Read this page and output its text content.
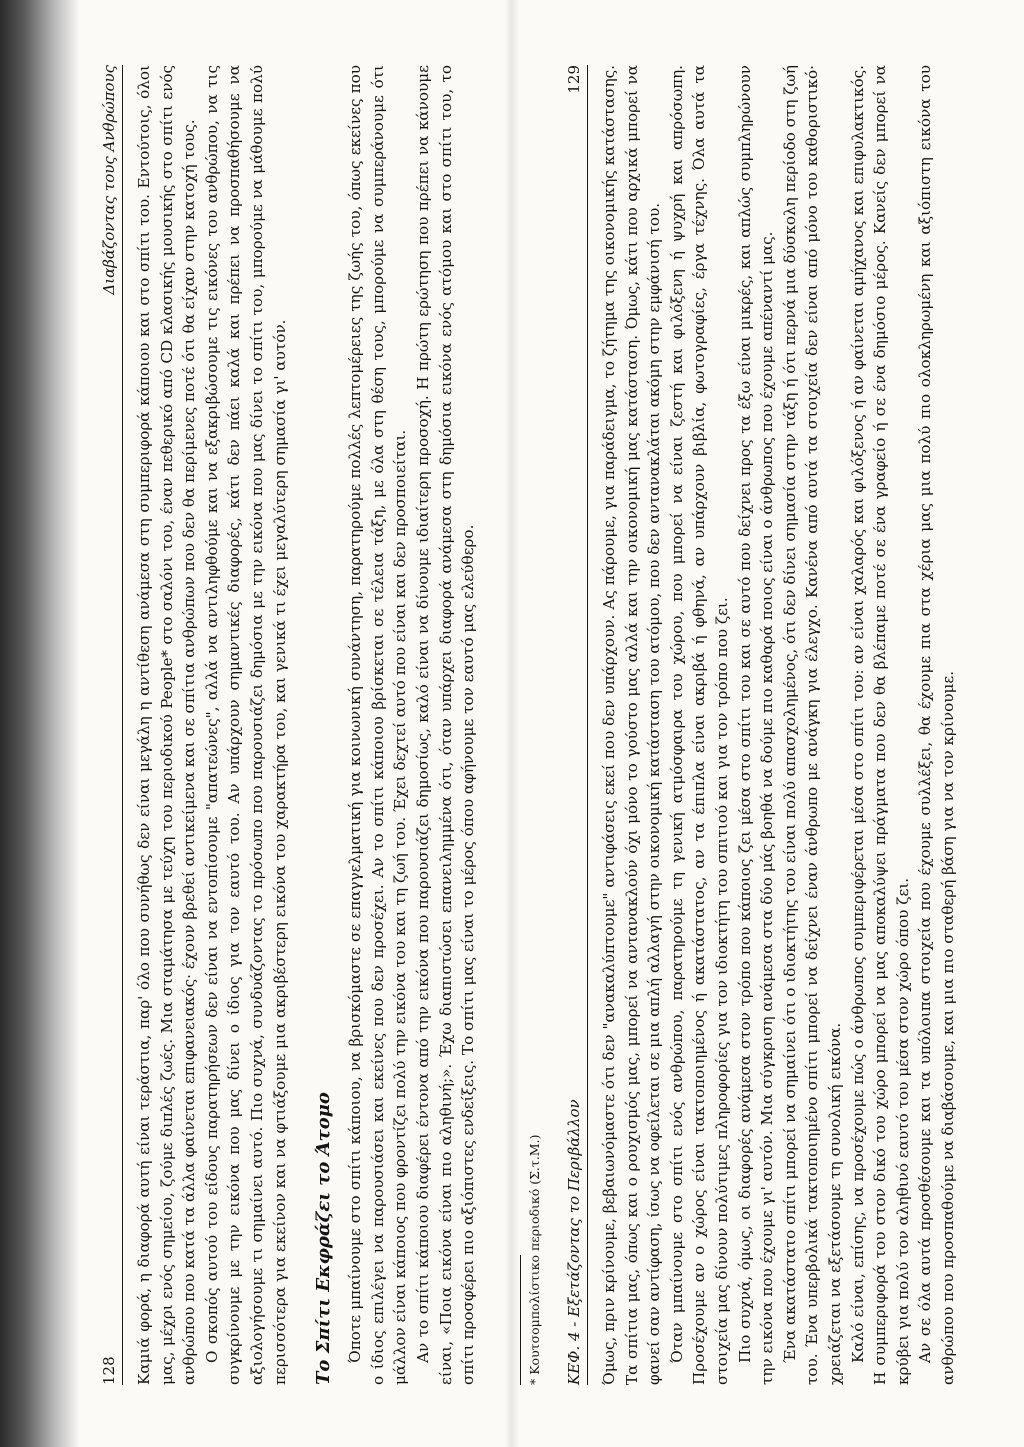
128
Διαβάζοντας τους Ανθρώπους Καμιά φορά, η διαφορά αυτή είναι τεράστια, παρ' όλο που συνήθως δεν είναι μεγάλη η αντίθεση ανάμεσα στη συμπεριφορά κάποιου και στο σπίτι του. Εντούτοις, όλοι μας, μέχρι ενός σημείου, ζούμε διπλές ζωές. Μια σταμάτησα με τεύχη του περιοδικού People* στο σαλόνι του, έναν πεθερικό από CD κλασικής μουσικής στο σπίτι ενός ανθρώπου που κατά τα άλλα φαίνεται επιφανειακός· έχουν βρεθεί αντικείμενα και σε σπίτια ανθρώπων που δεν θα περίμενες ποτέ ότι θα είχαν στην κατοχή τους. Ο σκοπός αυτού του είδους παρατηρήσεων δεν είναι να εντοπίσουμε "απατεώνες", αλλά να αντιληφθούμε και να εξακριβώσουμε τις εικόνες του ανθρώπου, να τις συγκρίνουμε με την εικόνα που μας δίνει ο ίδιος για τον εαυτό του. Αν υπάρχουν σημαντικές διαφορές, κάτι δεν πάει καλά και πρέπει να προσπαθήσουμε να αξιολογήσουμε τι σημαίνει αυτό. Πιο συχνά, συνδυάζοντας το πρόσωπο που παρουσιάζει δημόσια με την εικόνα που μας δίνει το σπίτι του, μπορούμε να μάθουμε πολύ περισσότερα για εκείνον και να φτιάξουμε μια ακριβέστερη εικόνα του χαρακτήρα του, και γενικά τι έχει μεγαλύτερη σημασία γι' αυτόν. Το Σπίτι Εκφράζει το Άτομο Όποτε μπαίνουμε στο σπίτι κάποιου, να βρισκόμαστε σε επαγγελματική για κοινωνική συνάντηση, παρατηρούμε πολλές λεπτομέρειες της ζωής του, όπως εκείνες που ο ίδιος επιλέγει να παρουσιάσει και εκείνες που δεν προσέχει. Αν το σπίτι κάποιου βρίσκεται σε τέλεια τάξη, με όλα στη θέση τους, μπορούμε να συμπεράνουμε ότι μάλλον είναι κάποιος που φροντίζει πολύ την εικόνα του και τη ζωή του. Έχει δεχτεί αυτό που είναι και δεν προσποιείται. Αν το σπίτι κάποιου διαφέρει έντονα από την εικόνα που παρουσιάζει δημοσίως, καλό είναι να δίνουμε ιδιαίτερη προσοχή. Η πρώτη ερώτηση που πρέπει να κάνουμε είναι, «Ποια εικόνα είναι πιο αληθινή;». Έχω διαπιστώσει επανειλημμένα ότι, όταν υπάρχει διαφορά ανάμεσα στη δημόσια εικόνα ενός ατόμου και στο σπίτι του, το σπίτι προσφέρει πιο αξιόπιστες ενδείξεις. Το σπίτι μας είναι το μέρος όπου αφήνουμε τον εαυτό μας ελεύθερο.	* Κουτσομπολίστικο περιοδικό (Σ.τ.Μ.) ΚΕΦ. 4 - Εξετάζοντας το Περιβάλλον
129 Όμως, πριν κρίνουμε, βεβαιωνόμαστε ότι δεν "ανακαλύπτουμε" αντιφάσεις εκεί που δεν υπάρχουν. Ας πάρουμε, για παράδειγμα, το ζήτημα της οικονομικής κατάστασης. Τα σπίτια μας, όπως και ο ρουχισμός μας, μπορεί να αντανακλούν όχι μόνο το γούστο μας αλλά και την οικονομική μας κατάσταση. Όμως, κάτι που αρχικά μπορεί να φανεί σαν αντίφαση, ίσως να οφείλεται σε μια απλή αλλαγή στην οικονομική κατάσταση του ατόμου, που δεν αντανακλάται ακόμη στην εμφάνισή του. Όταν μπαίνουμε στο σπίτι ενός ανθρώπου, παρατηρούμε τη γενική ατμόσφαιρα του χώρου, που μπορεί να είναι ζεστή και φιλόξενη ή ψυχρή και απρόσωπη. Προσέχουμε αν ο χώρος είναι τακτοποιημένος ή ακατάστατος, αν τα έπιπλα είναι ακριβά ή φθηνά, αν υπάρχουν βιβλία, φωτογραφίες, έργα τέχνης. Όλα αυτά τα στοιχεία μας δίνουν πολύτιμες πληροφορίες για τον ιδιοκτήτη του σπιτιού και για τον τρόπο που ζει. Πιο συχνά, όμως, οι διαφορές ανάμεσα στον τρόπο που κάποιος ζει μέσα στο σπίτι του και σε αυτό που δείχνει προς τα έξω είναι μικρές, και απλώς συμπληρώνουν την εικόνα που έχουμε γι' αυτόν. Μια σύγκριση ανάμεσα στα δύο μάς βοηθά να δούμε πιο καθαρά ποιος είναι ο άνθρωπος που έχουμε απέναντί μας. Ένα ακατάστατο σπίτι μπορεί να σημαίνει ότι ο ιδιοκτήτης του είναι πολύ απασχολημένος, ότι δεν δίνει σημασία στην τάξη ή ότι περνά μια δύσκολη περίοδο στη ζωή του. Ένα υπερβολικά τακτοποιημένο σπίτι μπορεί να δείχνει έναν άνθρωπο με ανάγκη για έλεγχο. Κανένα από αυτά τα στοιχεία δεν είναι από μόνο του καθοριστικό· χρειάζεται να εξετάσουμε τη συνολική εικόνα. Καλό είναι, επίσης, να προσέχουμε πώς ο άνθρωπος συμπεριφέρεται μέσα στο σπίτι του: αν είναι χαλαρός και φιλόξενος ή αν φαίνεται αμήχανος και επιφυλακτικός. Η συμπεριφορά του στον δικό του χώρο μπορεί να μας αποκαλύψει πράγματα που δεν θα βλέπαμε ποτέ σε ένα γραφείο ή σε ένα δημόσιο μέρος. Κανείς δεν μπορεί να κρύβει για πολύ τον αληθινό εαυτό του μέσα στον χώρο όπου ζει. Αν σε όλα αυτά προσθέσουμε και τα υπόλοιπα στοιχεία που έχουμε συλλέξει, θα έχουμε πια στα χέρια μας μια πολύ πιο ολοκληρωμένη και αξιόπιστη εικόνα του ανθρώπου που προσπαθούμε να διαβάσουμε, και μια πιο σταθερή βάση για να τον κρίνουμε.
